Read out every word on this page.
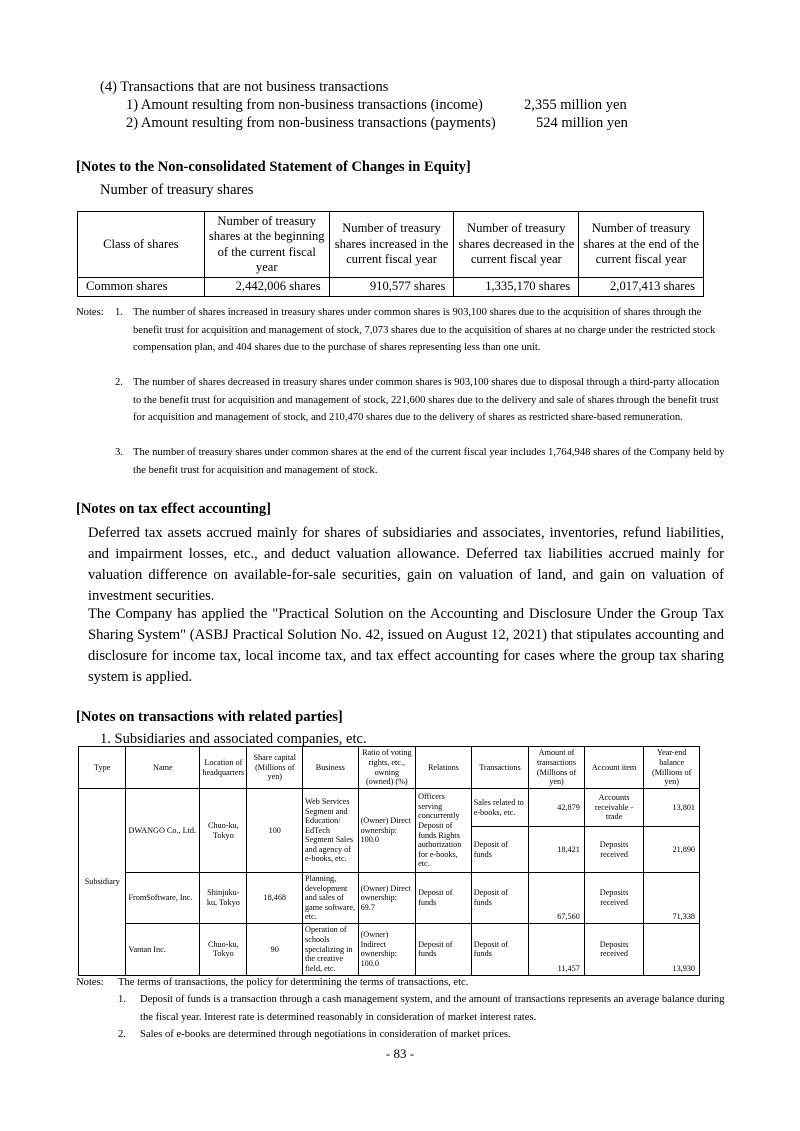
(4) Transactions that are not business transactions
1) Amount resulting from non-business transactions (income)	2,355 million yen
2) Amount resulting from non-business transactions (payments)	524 million yen
[Notes to the Non-consolidated Statement of Changes in Equity]
Number of treasury shares
Class of shares	Number of treasury shares at the beginning of the current fiscal year	Number of treasury shares increased in the current fiscal year	Number of treasury shares decreased in the current fiscal year	Number of treasury shares at the end of the current fiscal year
Common shares	2,442,006 shares	910,577 shares	1,335,170 shares	2,017,413 shares
Notes: 1. The number of shares increased in treasury shares under common shares is 903,100 shares due to the acquisition of shares through the benefit trust for acquisition and management of stock, 7,073 shares due to the acquisition of shares at no charge under the restricted stock compensation plan, and 404 shares due to the purchase of shares representing less than one unit.
2. The number of shares decreased in treasury shares under common shares is 903,100 shares due to disposal through a third-party allocation to the benefit trust for acquisition and management of stock, 221,600 shares due to the delivery and sale of shares through the benefit trust for acquisition and management of stock, and 210,470 shares due to the delivery of shares as restricted share-based remuneration.
3. The number of treasury shares under common shares at the end of the current fiscal year includes 1,764,948 shares of the Company held by the benefit trust for acquisition and management of stock.
[Notes on tax effect accounting]
Deferred tax assets accrued mainly for shares of subsidiaries and associates, inventories, refund liabilities, and impairment losses, etc., and deduct valuation allowance. Deferred tax liabilities accrued mainly for valuation difference on available-for-sale securities, gain on valuation of land, and gain on valuation of investment securities.
The Company has applied the "Practical Solution on the Accounting and Disclosure Under the Group Tax Sharing System" (ASBJ Practical Solution No. 42, issued on August 12, 2021) that stipulates accounting and disclosure for income tax, local income tax, and tax effect accounting for cases where the group tax sharing system is applied.
[Notes on transactions with related parties]
1. Subsidiaries and associated companies, etc.
Type	Name	Location of headquarters	Share capital (Millions of yen)	Business	Ratio of voting rights, etc., owning (owned) (%)	Relations	Transactions	Amount of transactions (Millions of yen)	Account item	Year-end balance (Millions of yen)
Subsidiary	DWANGO Co., Ltd.	Chuo-ku, Tokyo	100	Web Services Segment and Education/ EdTech Segment Sales and agency of e-books, etc.	(Owner) Direct ownership: 100.0	Officers serving concurrently Deposit of funds Rights authorization for e-books, etc.	Sales related to e-books, etc.	42,879	Accounts receivable - trade	13,801
							Deposit of funds	18,421	Deposits received	21,890
	FromSoftware, Inc.	Shinjuku-ku, Tokyo	18,468	Planning, development and sales of game software, etc.	(Owner) Direct ownership: 69.7	Deposit of funds	Deposit of funds	67,560	Deposits received	71,338
	Vantan Inc.	Chuo-ku, Tokyo	90	Operation of schools specializing in the creative field, etc.	(Owner) Indirect ownership: 100.0	Deposit of funds	Deposit of funds	11,457	Deposits received	13,930
Notes: The terms of transactions, the policy for determining the terms of transactions, etc.
1. Deposit of funds is a transaction through a cash management system, and the amount of transactions represents an average balance during the fiscal year. Interest rate is determined reasonably in consideration of market interest rates.
2. Sales of e-books are determined through negotiations in consideration of market prices.
- 83 -
